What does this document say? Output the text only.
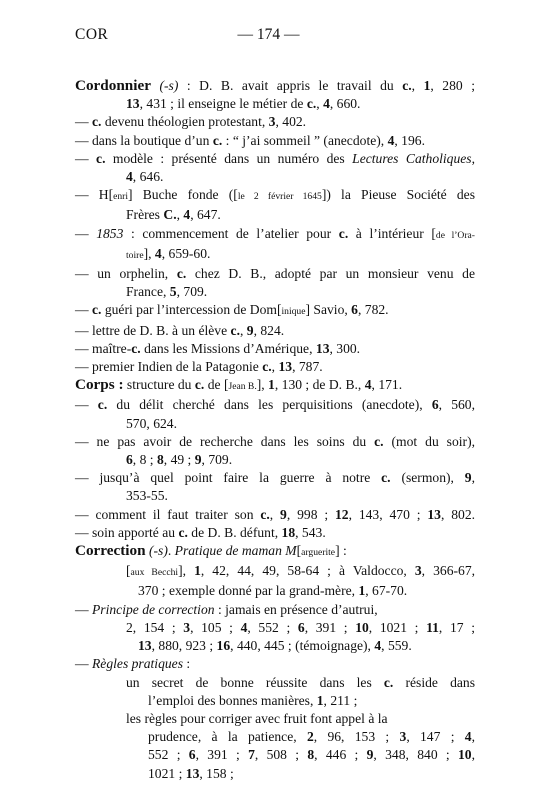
COR	— 174 —
Cordonnier (-s) : D. B. avait appris le travail du c., 1, 280 ;
13, 431 ; il enseigne le métier de c., 4, 660.
— c. devenu théologien protestant, 3, 402.
— dans la boutique d’un c. : “ j’ai sommeil ” (anecdote), 4, 196.
— c. modèle : présenté dans un numéro des Lectures Catholiques,
4, 646.
— H[enri] Buche fonde ([le 2 février 1645]) la Pieuse Société des
Frères C., 4, 647.
— 1853 : commencement de l’atelier pour c. à l’intérieur [de l’Ora-
toire], 4, 659-60.
— un orphelin, c. chez D. B., adopté par un monsieur venu de
France, 5, 709.
— c. guéri par l’intercession de Dom[inique] Savio, 6, 782.
— lettre de D. B. à un élève c., 9, 824.
— maître-c. dans les Missions d’Amérique, 13, 300.
— premier Indien de la Patagonie c., 13, 787.
Corps : structure du c. de [Jean B.], 1, 130 ; de D. B., 4, 171.
— c. du délit cherché dans les perquisitions (anecdote), 6, 560,
570, 624.
— ne pas avoir de recherche dans les soins du c. (mot du soir),
6, 8 ; 8, 49 ; 9, 709.
— jusqu’à quel point faire la guerre à notre c. (sermon), 9,
353-55.
— comment il faut traiter son c., 9, 998 ; 12, 143, 470 ; 13, 802.
— soin apporté au c. de D. B. défunt, 18, 543.
Correction (-s). Pratique de maman M[arguerite] :
[aux Becchi], 1, 42, 44, 49, 58-64 ; à Valdocco, 3, 366-67,
370 ; exemple donné par la grand-mère, 1, 67-70.
— Principe de correction : jamais en présence d’autrui,
2, 154 ; 3, 105 ; 4, 552 ; 6, 391 ; 10, 1021 ; 11, 17 ;
13, 880, 923 ; 16, 440, 445 ; (témoignage), 4, 559.
— Règles pratiques :
un secret de bonne réussite dans les c. réside dans
l’emploi des bonnes manières, 1, 211 ;
les règles pour corriger avec fruit font appel à la
prudence, à la patience, 2, 96, 153 ; 3, 147 ; 4,
552 ; 6, 391 ; 7, 508 ; 8, 446 ; 9, 348, 840 ; 10,
1021 ; 13, 158 ;
